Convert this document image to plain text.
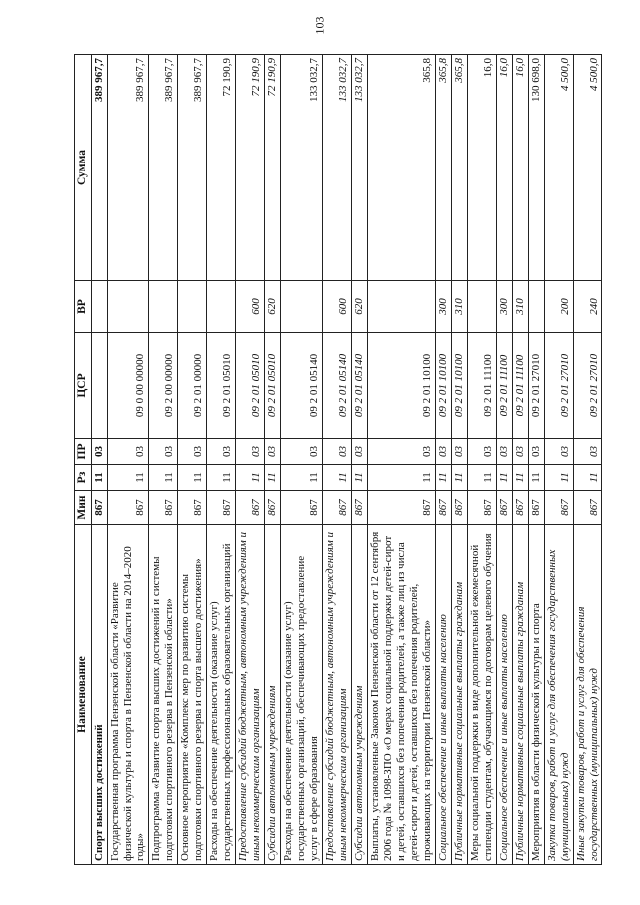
103
Наименование	Мин	Рз	ПР	ЦСР	ВР	Сумма
Спорт высших достижений	867	11	03			389 967,7
Государственная программа Пензенской области «Развитие физической культуры и спорта в Пензенской области на 2014–2020 годы»	867	11	03	09 0 00 00000		389 967,7
Подпрограмма «Развитие спорта высших достижений и системы подготовки спортивного резерва в Пензенской области»	867	11	03	09 2 00 00000		389 967,7
Основное мероприятие «Комплекс мер по развитию системы подготовки спортивного резерва и спорта высшего достижения»	867	11	03	09 2 01 00000		389 967,7
Расходы на обеспечение деятельности (оказание услуг) государственных профессиональных образовательных организаций	867	11	03	09 2 01 05010		72 190,9
Предоставление субсидий бюджетным, автономным учреждениям и иным некоммерческим организациям	867	11	03	09 2 01 05010	600	72 190,9
Субсидии автономным учреждениям	867	11	03	09 2 01 05010	620	72 190,9
Расходы на обеспечение деятельности (оказание услуг) государственных организаций, обеспечивающих предоставление услуг в сфере образования	867	11	03	09 2 01 05140		133 032,7
Предоставление субсидий бюджетным, автономным учреждениям и иным некоммерческим организациям	867	11	03	09 2 01 05140	600	133 032,7
Субсидии автономным учреждениям	867	11	03	09 2 01 05140	620	133 032,7
Выплаты, установленные Законом Пензенской области от 12 сентября 2006 года № 1098-ЗПО «О мерах социальной поддержки детей-сирот и детей, оставшихся без попечения родителей, а также лиц из числа детей-сирот и детей, оставшихся без попечения родителей, проживающих на территории Пензенской области»	867	11	03	09 2 01 10100		365,8
Социальное обеспечение и иные выплаты населению	867	11	03	09 2 01 10100	300	365,8
Публичные нормативные социальные выплаты гражданам	867	11	03	09 2 01 10100	310	365,8
Меры социальной поддержки в виде дополнительной ежемесячной стипендии студентам, обучающимся по договорам целевого обучения	867	11	03	09 2 01 11100		16,0
Социальное обеспечение и иные выплаты населению	867	11	03	09 2 01 11100	300	16,0
Публичные нормативные социальные выплаты гражданам	867	11	03	09 2 01 11100	310	16,0
Мероприятия в области физической культуры и спорта	867	11	03	09 2 01 27010		130 698,0
Закупка товаров, работ и услуг для обеспечения государственных (муниципальных) нужд	867	11	03	09 2 01 27010	200	4 500,0
Иные закупки товаров, работ и услуг для обеспечения государственных (муниципальных) нужд	867	11	03	09 2 01 27010	240	4 500,0
